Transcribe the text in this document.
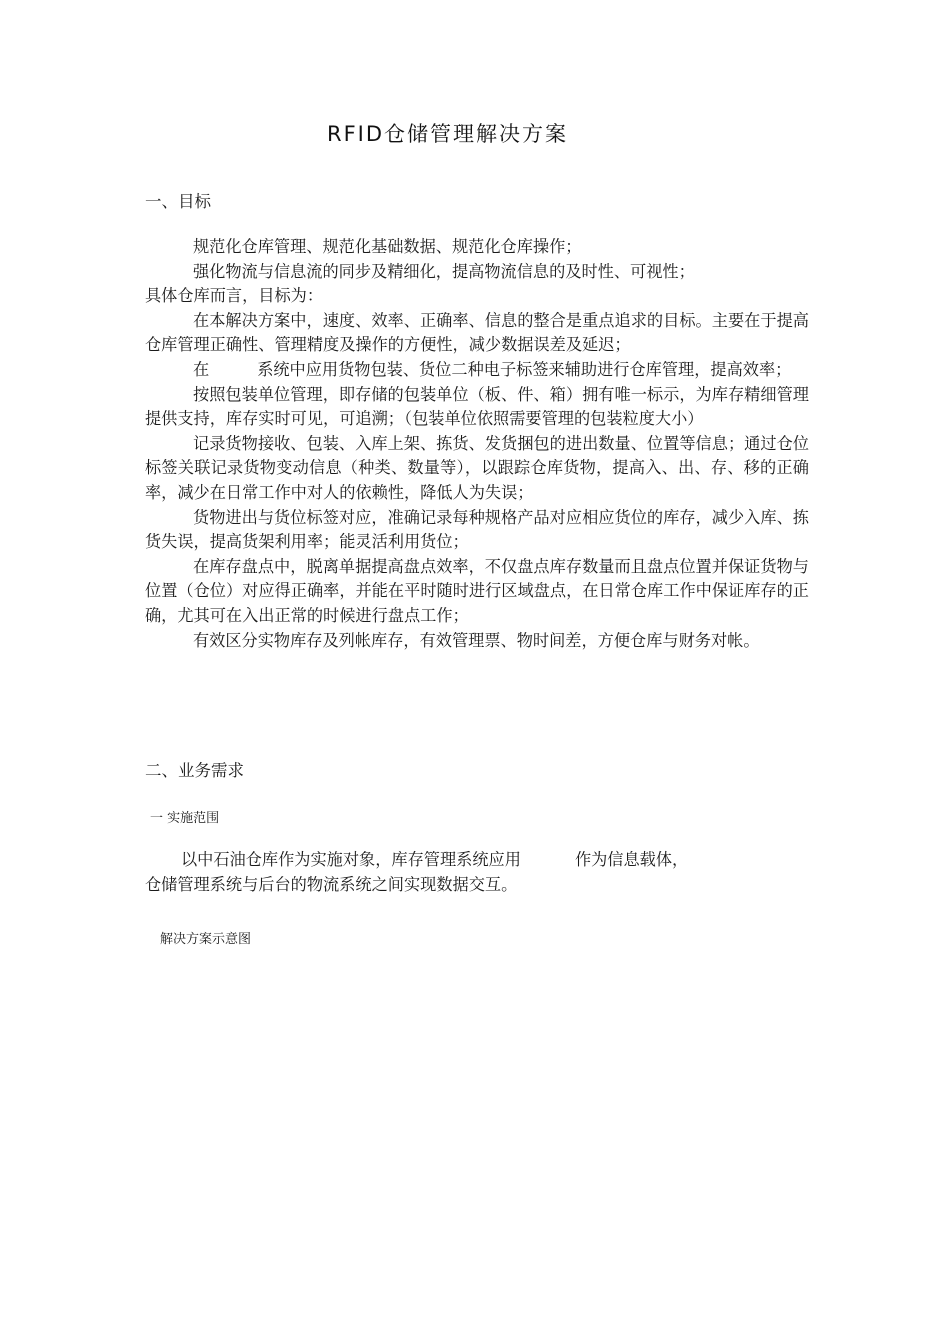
RFID仓储管理解决方案
一、目标

规范化仓库管理、规范化基础数据、规范化仓库操作；

强化物流与信息流的同步及精细化，提高物流信息的及时性、可视性；

具体仓库而言，目标为：

在本解决方案中，速度、效率、正确率、信息的整合是重点追求的目标。主要在于提高仓库管理正确性、管理精度及操作的方便性，减少数据误差及延迟；

在	系统中应用货物包装、货位二种电子标签来辅助进行仓库管理，提高效率；

按照包装单位管理，即存储的包装单位（板、件、箱）拥有唯一标示，为库存精细管理提供支持，库存实时可见，可追溯；（包装单位依照需要管理的包装粒度大小）

记录货物接收、包装、入库上架、拣货、发货捆包的进出数量、位置等信息；通过仓位标签关联记录货物变动信息（种类、数量等），以跟踪仓库货物，提高入、出、存、移的正确率，减少在日常工作中对人的依赖性，降低人为失误；

货物进出与货位标签对应，准确记录每种规格产品对应相应货位的库存，减少入库、拣货失误，提高货架利用率；能灵活利用货位；

在库存盘点中，脱离单据提高盘点效率，不仅盘点库存数量而且盘点位置并保证货物与位置（仓位）对应得正确率，并能在平时随时进行区域盘点，在日常仓库工作中保证库存的正确，尤其可在入出正常的时候进行盘点工作；

有效区分实物库存及列帐库存，有效管理票、物时间差，方便仓库与财务对帐。

二、业务需求
一 实施范围

以中石油仓库作为实施对象，库存管理系统应用	作为信息载体，

仓储管理系统与后台的物流系统之间实现数据交互。

解决方案示意图
